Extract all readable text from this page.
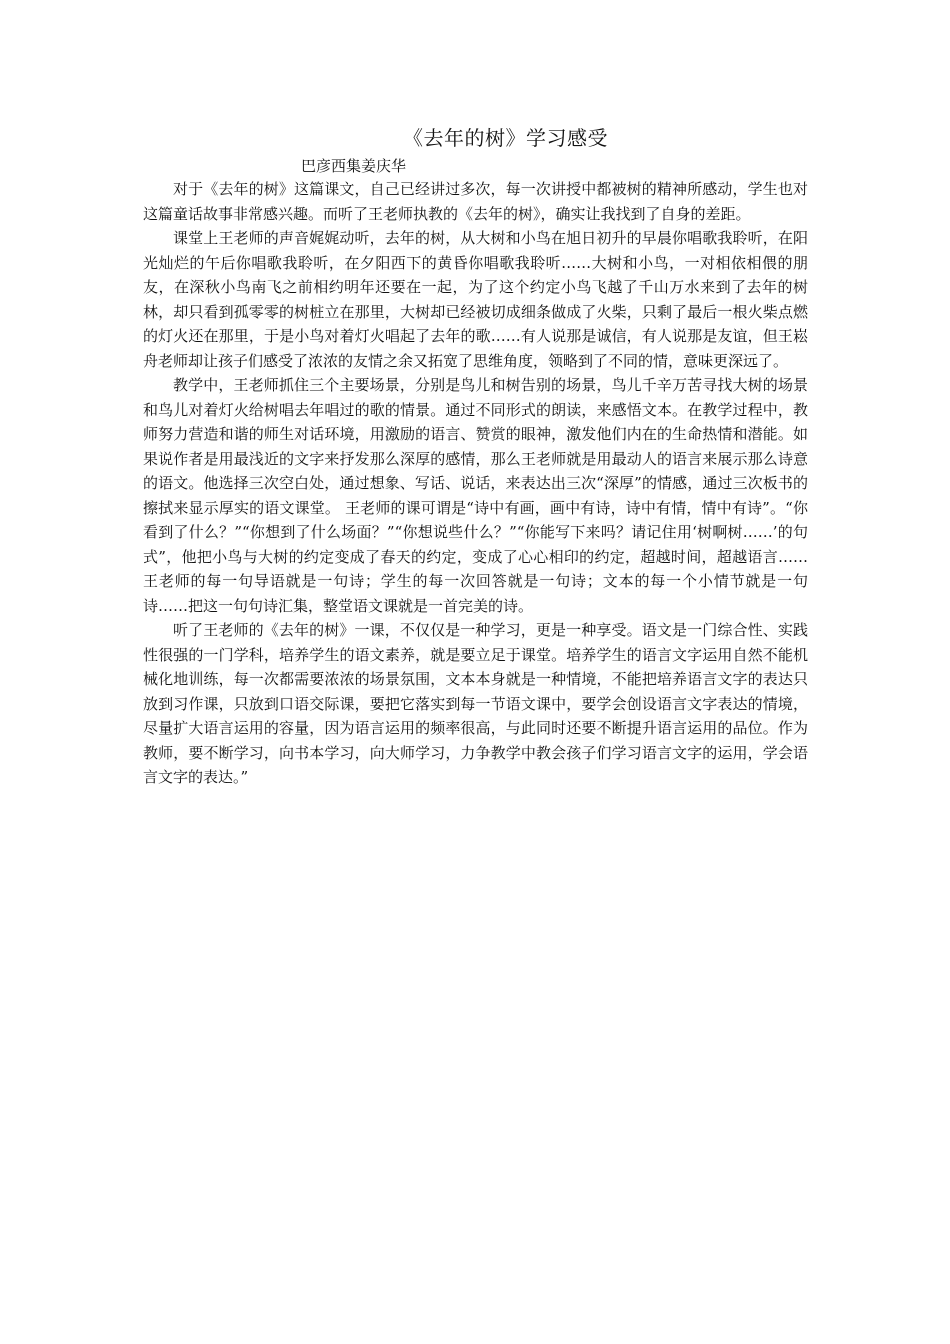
《去年的树》学习感受

巴彦西集姜庆华

对于《去年的树》这篇课文，自己已经讲过多次，每一次讲授中都被树的精神所感动，学生也对这篇童话故事非常感兴趣。而听了王老师执教的《去年的树》，确实让我找到了自身的差距。

课堂上王老师的声音娓娓动听，去年的树，从大树和小鸟在旭日初升的早晨你唱歌我聆听，在阳光灿烂的午后你唱歌我聆听，在夕阳西下的黄昏你唱歌我聆听……大树和小鸟，一对相依相偎的朋友，在深秋小鸟南飞之前相约明年还要在一起，为了这个约定小鸟飞越了千山万水来到了去年的树林，却只看到孤零零的树桩立在那里，大树却已经被切成细条做成了火柴，只剩了最后一根火柴点燃的灯火还在那里，于是小鸟对着灯火唱起了去年的歌……有人说那是诚信，有人说那是友谊，但王崧舟老师却让孩子们感受了浓浓的友情之余又拓宽了思维角度，领略到了不同的情，意味更深远了。

教学中，王老师抓住三个主要场景，分别是鸟儿和树告别的场景，鸟儿千辛万苦寻找大树的场景和鸟儿对着灯火给树唱去年唱过的歌的情景。通过不同形式的朗读，来感悟文本。在教学过程中，教师努力营造和谐的师生对话环境，用激励的语言、赞赏的眼神，激发他们内在的生命热情和潜能。如果说作者是用最浅近的文字来抒发那么深厚的感情，那么王老师就是用最动人的语言来展示那么诗意的语文。他选择三次空白处，通过想象、写话、说话，来表达出三次“深厚”的情感，通过三次板书的擦拭来显示厚实的语文课堂。 王老师的课可谓是“诗中有画，画中有诗，诗中有情，情中有诗”。“你看到了什么？”“你想到了什么场面？”“你想说些什么？”“你能写下来吗？请记住用‘树啊树……’的句式”，他把小鸟与大树的约定变成了春天的约定，变成了心心相印的约定，超越时间，超越语言……王老师的每一句导语就是一句诗；学生的每一次回答就是一句诗；文本的每一个小情节就是一句诗……把这一句句诗汇集，整堂语文课就是一首完美的诗。

听了王老师的《去年的树》一课，不仅仅是一种学习，更是一种享受。语文是一门综合性、实践性很强的一门学科，培养学生的语文素养，就是要立足于课堂。培养学生的语言文字运用自然不能机械化地训练，每一次都需要浓浓的场景氛围，文本本身就是一种情境，不能把培养语言文字的表达只放到习作课，只放到口语交际课，要把它落实到每一节语文课中，要学会创设语言文字表达的情境，尽量扩大语言运用的容量，因为语言运用的频率很高，与此同时还要不断提升语言运用的品位。作为教师，要不断学习，向书本学习，向大师学习，力争教学中教会孩子们学习语言文字的运用，学会语言文字的表达。”
